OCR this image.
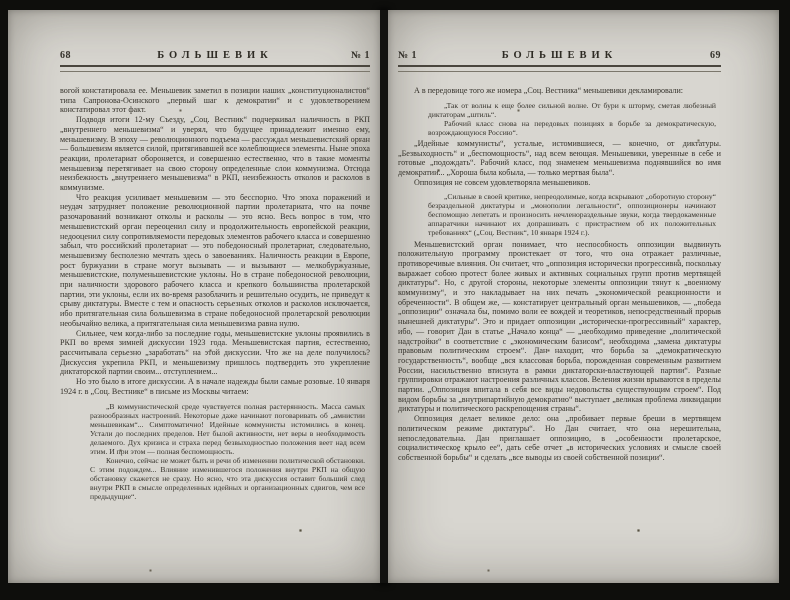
68	БОЛЬШЕВИК	№ 1

вогой констатировала ее. Меньшевик заметил в позиции наших „конституционалистов“ типа Сапронова-Осинского „первый шаг к демократии“ и с удовлетворением констатировал этот факт.

Подводя итоги 12-му Съезду, „Соц. Вестник“ подчеркивал наличность в РКП „внутреннего меньшевизма“ и уверял, что будущее принадлежит именно ему, меньшевизму. В эпоху — революционного подъема — рассуждал меньшевистский орган — большевизм является силой, притягивавшей все колеблющиеся элементы. Ныне эпоха реакции, пролетариат обороняется, и совершенно естественно, что в такие моменты меньшевизм перетягивает на свою сторону определенные слои коммунизма. Отсюда неизбежность „внутреннего меньшевизма“ в РКП, неизбежность отколов и расколов в коммунизме.

Что реакция усиливает меньшевизм — это бесспорно. Что эпоха поражений и неудач затрудняет положение революционной партии пролетариата, что на почве разочарований возникают отколы и расколы — это ясно. Весь вопрос в том, что меньшевистский орган переоценил силу и продолжительность европейской реакции, недооценил силу сопротивляемости передовых элементов рабочего класса и совершенно забыл, что российский пролетариат — это победоносный пролетариат, следовательно, меньшевизму бесполезно мечтать здесь о завоеваниях. Наличность реакции в Европе, рост буржуазии в стране могут вызывать — и вызывают — мелкобуржуазные, меньшевистские, полуменьшевистские уклоны. Но в стране победоносной революции, при наличности здорового рабочего класса и крепкого большинства пролетарской партии, эти уклоны, если их во-время разоблачить и решительно осудить, не приведут к срыву диктатуры. Вместе с тем и опасность серьезных отколов и расколов исключается, ибо притягательная сила большевизма в стране победоносной пролетарской революции необычайно велика, а притягательная сила меньшевизма равна нулю.

Сильнее, чем когда-либо за последние годы, меньшевистские уклоны проявились в РКП во время зимней дискуссии 1923 года. Меньшевистская партия, естественно, рассчитывала серьезно „заработать“ на этой дискуссии. Что же на деле получилось? Дискуссия укрепила РКП, и меньшевизму пришлось подтвердить это укрепление диктаторской партии своим... отступлением...

Но это было в итоге дискуссии. А в начале надежды были самые розовые. 10 января 1924 г. в „Соц. Вестнике“ в письме из Москвы читаем:

„В коммунистической среде чувствуется полная растерянность. Масса самых разнообразных настроений. Некоторые даже начинают поговаривать об „амнистии меньшевикам“... Симптоматично! Идейные коммунисты истомились в конец. Устали до последних пределов. Нет былой активности, нет веры в необходимость делаемого. Дух кризиса и страха перед безвыходностью положения веет над всем этим. И при этом — полная беспомощность.

Конечно, сейчас не может быть и речи об изменении политической обстановки. С этим подождем... Влияние изменившегося положения внутри РКП на общую обстановку скажется не сразу. Но ясно, что эта дискуссия оставит больший след внутри РКП в смысле определенных идейных и организационных сдвигов, чем все предыдущие“.

№ 1	БОЛЬШЕВИК	69

А в передовице того же номера „Соц. Вестника“ меньшевики декламировали:

„Так от волны к еще более сильной волне. От бури к шторму, сметая любезный диктаторам „штиль“.

Рабочий класс снова на передовых позициях в борьбе за демократическую, возрождающуюся Россию“.

„Идейные коммунисты“, усталые, истомившиеся, — конечно, от диктатуры. „Безвыходность“ и „беспомощность“, над всем веющая. Меньшевики, уверенные в себе и готовые „подождать“. Рабочий класс, под знаменем меньшевизма поднявшийся во имя демократии... „Хороша была кобыла, — только мертвая была“.

Оппозиция не совсем удовлетворяла меньшевиков.

„Сильные в своей критике, непреодолимые, когда вскрывают „оборотную сторону“ безраздельной диктатуры и „монополии легальности“, оппозиционеры начинают беспомощно лепетать и произносить нечленораздельные звуки, когда твердокаменные аппаратчики начинают их допрашивать с пристрастием об их положительных требованиях“ („Соц. Вестник“, 10 января 1924 г.).

Меньшевистский орган понимает, что неспособность оппозиции выдвинуть положительную программу проистекает от того, что она отражает различные, противоречивые влияния. Он считает, что „оппозиция исторически прогрессивна, поскольку выражает собою протест более живых и активных социальных групп против мертвящей диктатуры“. Но, с другой стороны, некоторые элементы оппозиции тянут к „военному коммунизму“, и это накладывает на них печать „экономической реакционности и обреченности“. В общем же, — констатирует центральный орган меньшевиков, — „победа „оппозиции“ означала бы, помимо воли ее вождей и теоретиков, непосредственный прорыв нынешней диктатуры“. Это и придает оппозиции „исторически-прогрессивный“ характер, ибо, — говорит Дан в статье „Начало конца“ — „необходимо приведение „политической надстройки“ в соответствие с „экономическим базисом“, необходима „замена диктатуры правовым политическим строем“. Дан находит, что борьба за „демократическую государственность“, вообще „вся классовая борьба, порожденная современным развитием России, насильственно втиснута в рамки диктаторски-властвующей партии“. Разные группировки отражают настроения различных классов. Веления жизни врываются в пределы партии. „Оппозиция впитала в себя все виды недовольства существующим строем“. Под видом борьбы за „внутрипартийную демократию“ выступает „великая проблема ликвидации диктатуры и политического раскрепощения страны“.

Оппозиция делает великое дело: она „пробивает первые бреши в мертвящем политическом режиме диктатуры“. Но Дан считает, что она нерешительна, непоследовательна. Дан приглашает оппозицию, в „особенности пролетарское, социалистическое крыло ее“, дать себе отчет „в исторических условиях и смысле своей собственной борьбы“ и сделать „все выводы из своей собственной позиции“.
